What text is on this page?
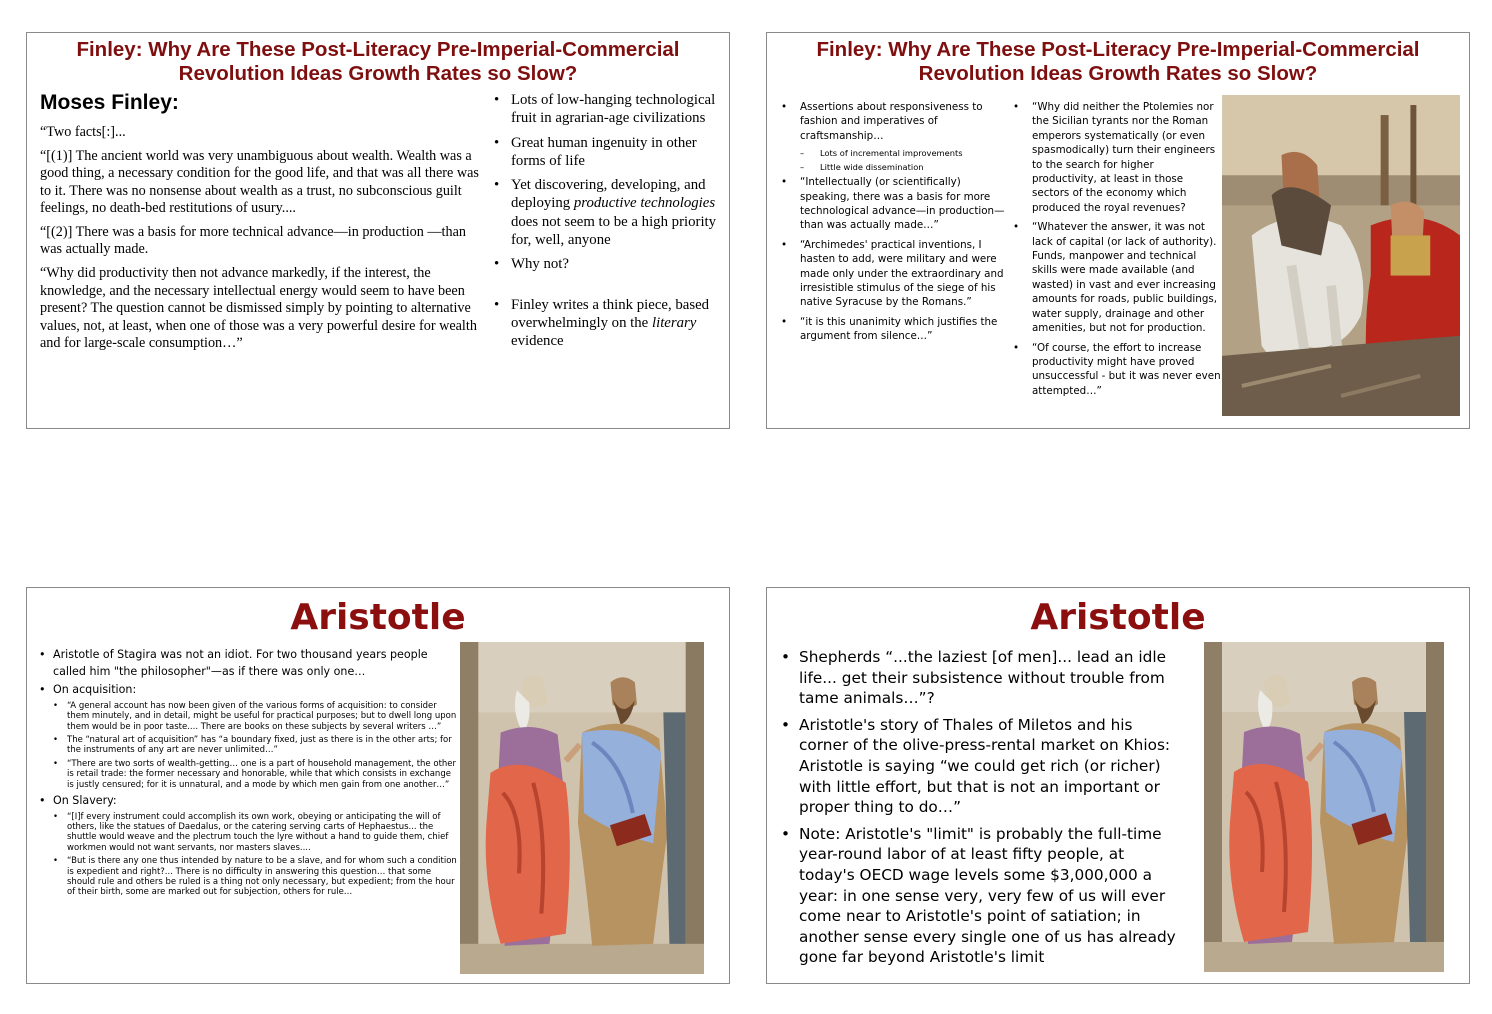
Finley: Why Are These Post-Literacy Pre-Imperial-Commercial
Revolution Ideas Growth Rates so Slow?
Moses Finley:

“Two facts[:]...

“[(1)] The ancient world was very unambiguous about wealth. Wealth was a good thing, a necessary condition for the good life, and that was all there was to it. There was no nonsense about wealth as a trust, no subconscious guilt feelings, no death-bed restitutions of usury....

“[(2)] There was a basis for more technical advance—in production —than was actually made.

“Why did productivity then not advance markedly, if the interest, the knowledge, and the necessary intellectual energy would seem to have been present? The question cannot be dismissed simply by pointing to alternative values, not, at least, when one of those was a very powerful desire for wealth and for large-scale consumption…”

• Lots of low-hanging technological fruit in agrarian-age civilizations
• Great human ingenuity in other forms of life
• Yet discovering, developing, and deploying productive technologies does not seem to be a high priority for, well, anyone
• Why not?
• Finley writes a think piece, based overwhelmingly on the literary evidence
Finley: Why Are These Post-Literacy Pre-Imperial-Commercial
Revolution Ideas Growth Rates so Slow?
• Assertions about responsiveness to fashion and imperatives of craftsmanship…
– Lots of incremental improvements
– Little wide dissemination
• “Intellectually (or scientifically) speaking, there was a basis for more technological advance—in production—than was actually made…”
• “Archimedes' practical inventions, I hasten to add, were military and were made only under the extraordinary and irresistible stimulus of the siege of his native Syracuse by the Romans.”
• “it is this unanimity which justifies the argument from silence…”
• “Why did neither the Ptolemies nor the Sicilian tyrants nor the Roman emperors systematically (or even spasmodically) turn their engineers to the search for higher productivity, at least in those sectors of the economy which produced the royal revenues?
• “Whatever the answer, it was not lack of capital (or lack of authority). Funds, manpower and technical skills were made available (and wasted) in vast and ever increasing amounts for roads, public buildings, water supply, drainage and other amenities, but not for production.
• “Of course, the effort to increase productivity might have proved unsuccessful - but it was never even attempted…”
Aristotle
• Aristotle of Stagira was not an idiot. For two thousand years people called him "the philosopher"—as if there was only one…
• On acquisition:
• “A general account has now been given of the various forms of acquisition: to consider them minutely, and in detail, might be useful for practical purposes; but to dwell long upon them would be in poor taste.... There are books on these subjects by several writers …”
• The “natural art of acquisition” has “a boundary fixed, just as there is in the other arts; for the instruments of any art are never unlimited…”
• “There are two sorts of wealth-getting… one is a part of household management, the other is retail trade: the former necessary and honorable, while that which consists in exchange is justly censured; for it is unnatural, and a mode by which men gain from one another…”
• On Slavery:
• “[I]f every instrument could accomplish its own work, obeying or anticipating the will of others, like the statues of Daedalus, or the catering serving carts of Hephaestus... the shuttle would weave and the plectrum touch the lyre without a hand to guide them, chief workmen would not want servants, nor masters slaves....
• “But is there any one thus intended by nature to be a slave, and for whom such a condition is expedient and right?... There is no difficulty in answering this question… that some should rule and others be ruled is a thing not only necessary, but expedient; from the hour of their birth, some are marked out for subjection, others for rule…
Aristotle
• Shepherds “...the laziest [of men]... lead an idle life... get their subsistence without trouble from tame animals…”?
• Aristotle's story of Thales of Miletos and his corner of the olive-press-rental market on Khios: Aristotle is saying “we could get rich (or richer) with little effort, but that is not an important or proper thing to do…”
• Note: Aristotle's "limit" is probably the full-time year-round labor of at least fifty people, at today's OECD wage levels some $3,000,000 a year: in one sense very, very few of us will ever come near to Aristotle's point of satiation; in another sense every single one of us has already gone far beyond Aristotle's limit
